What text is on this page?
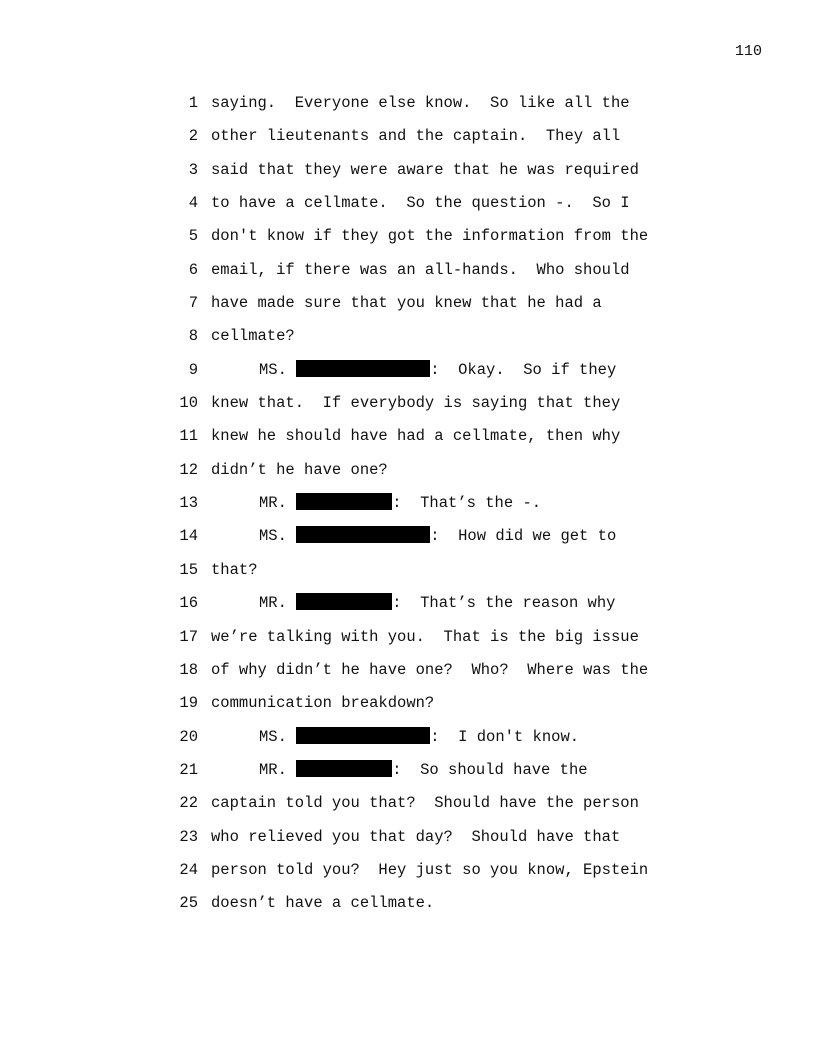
110

1

saying.  Everyone else know.  So like all the

2

other lieutenants and the captain.  They all

3

said that they were aware that he was required

4

to have a cellmate.  So the question -.  So I

5

don't know if they got the information from the

6

email, if there was an all-hands.  Who should

7

have made sure that you knew that he had a

8

cellmate?

9

	MS.	:  Okay.  So if they

10

knew that.  If everybody is saying that they

11

knew he should have had a cellmate, then why

12

didn’t he have one?

13

	MR.	:  That’s the -.

14

	MS.	:  How did we get to

15

that?

16

	MR.	:  That’s the reason why

17

we’re talking with you.  That is the big issue

18

of why didn’t he have one?  Who?  Where was the

19

communication breakdown?

20

	MS.	:  I don't know.

21

	MR.	:  So should have the

22

captain told you that?  Should have the person

23

who relieved you that day?  Should have that

24

person told you?  Hey just so you know, Epstein

25

doesn’t have a cellmate.
